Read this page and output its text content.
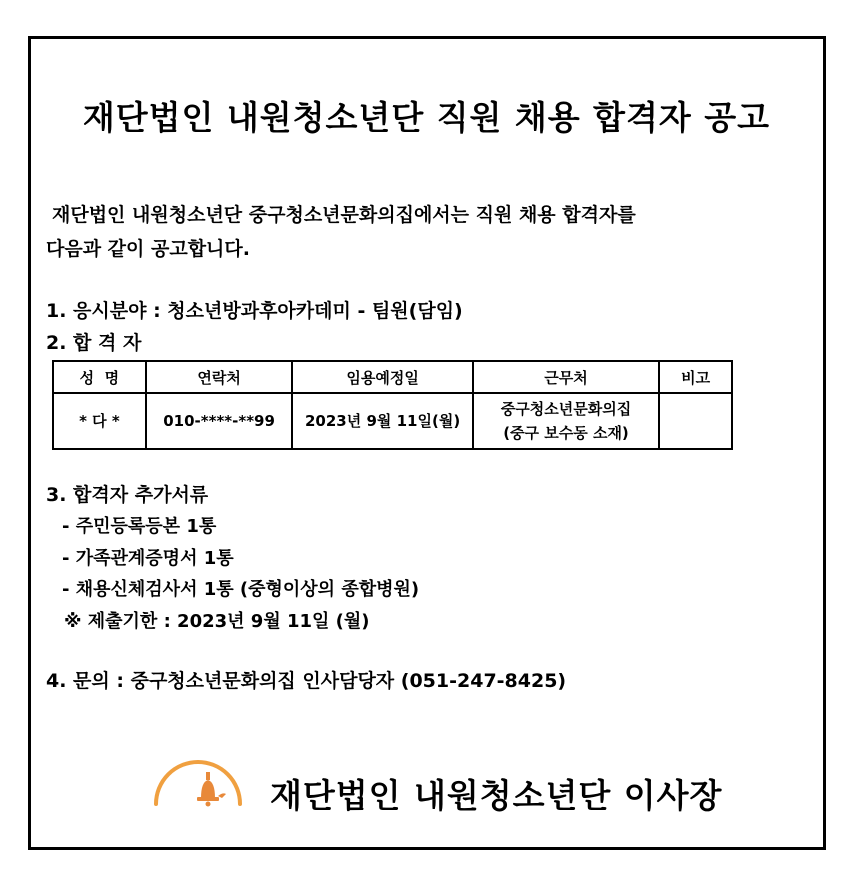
재단법인 내원청소년단 직원 채용 합격자 공고
재단법인 내원청소년단 중구청소년문화의집에서는 직원 채용 합격자를
다음과 같이 공고합니다.
1. 응시분야 : 청소년방과후아카데미 - 팀원(담임)
2. 합 격 자
성  명	연락처	임용예정일	근무처	비고
* 다 *	010-****-**99	2023년 9월 11일(월)	중구청소년문화의집
(중구 보수동 소재)	
3. 합격자 추가서류
- 주민등록등본 1통
- 가족관계증명서 1통
- 채용신체검사서 1통 (중형이상의 종합병원)
※ 제출기한 : 2023년 9월 11일 (월)
4. 문의 : 중구청소년문화의집 인사담당자 (051-247-8425)
재단법인 내원청소년단 이사장
